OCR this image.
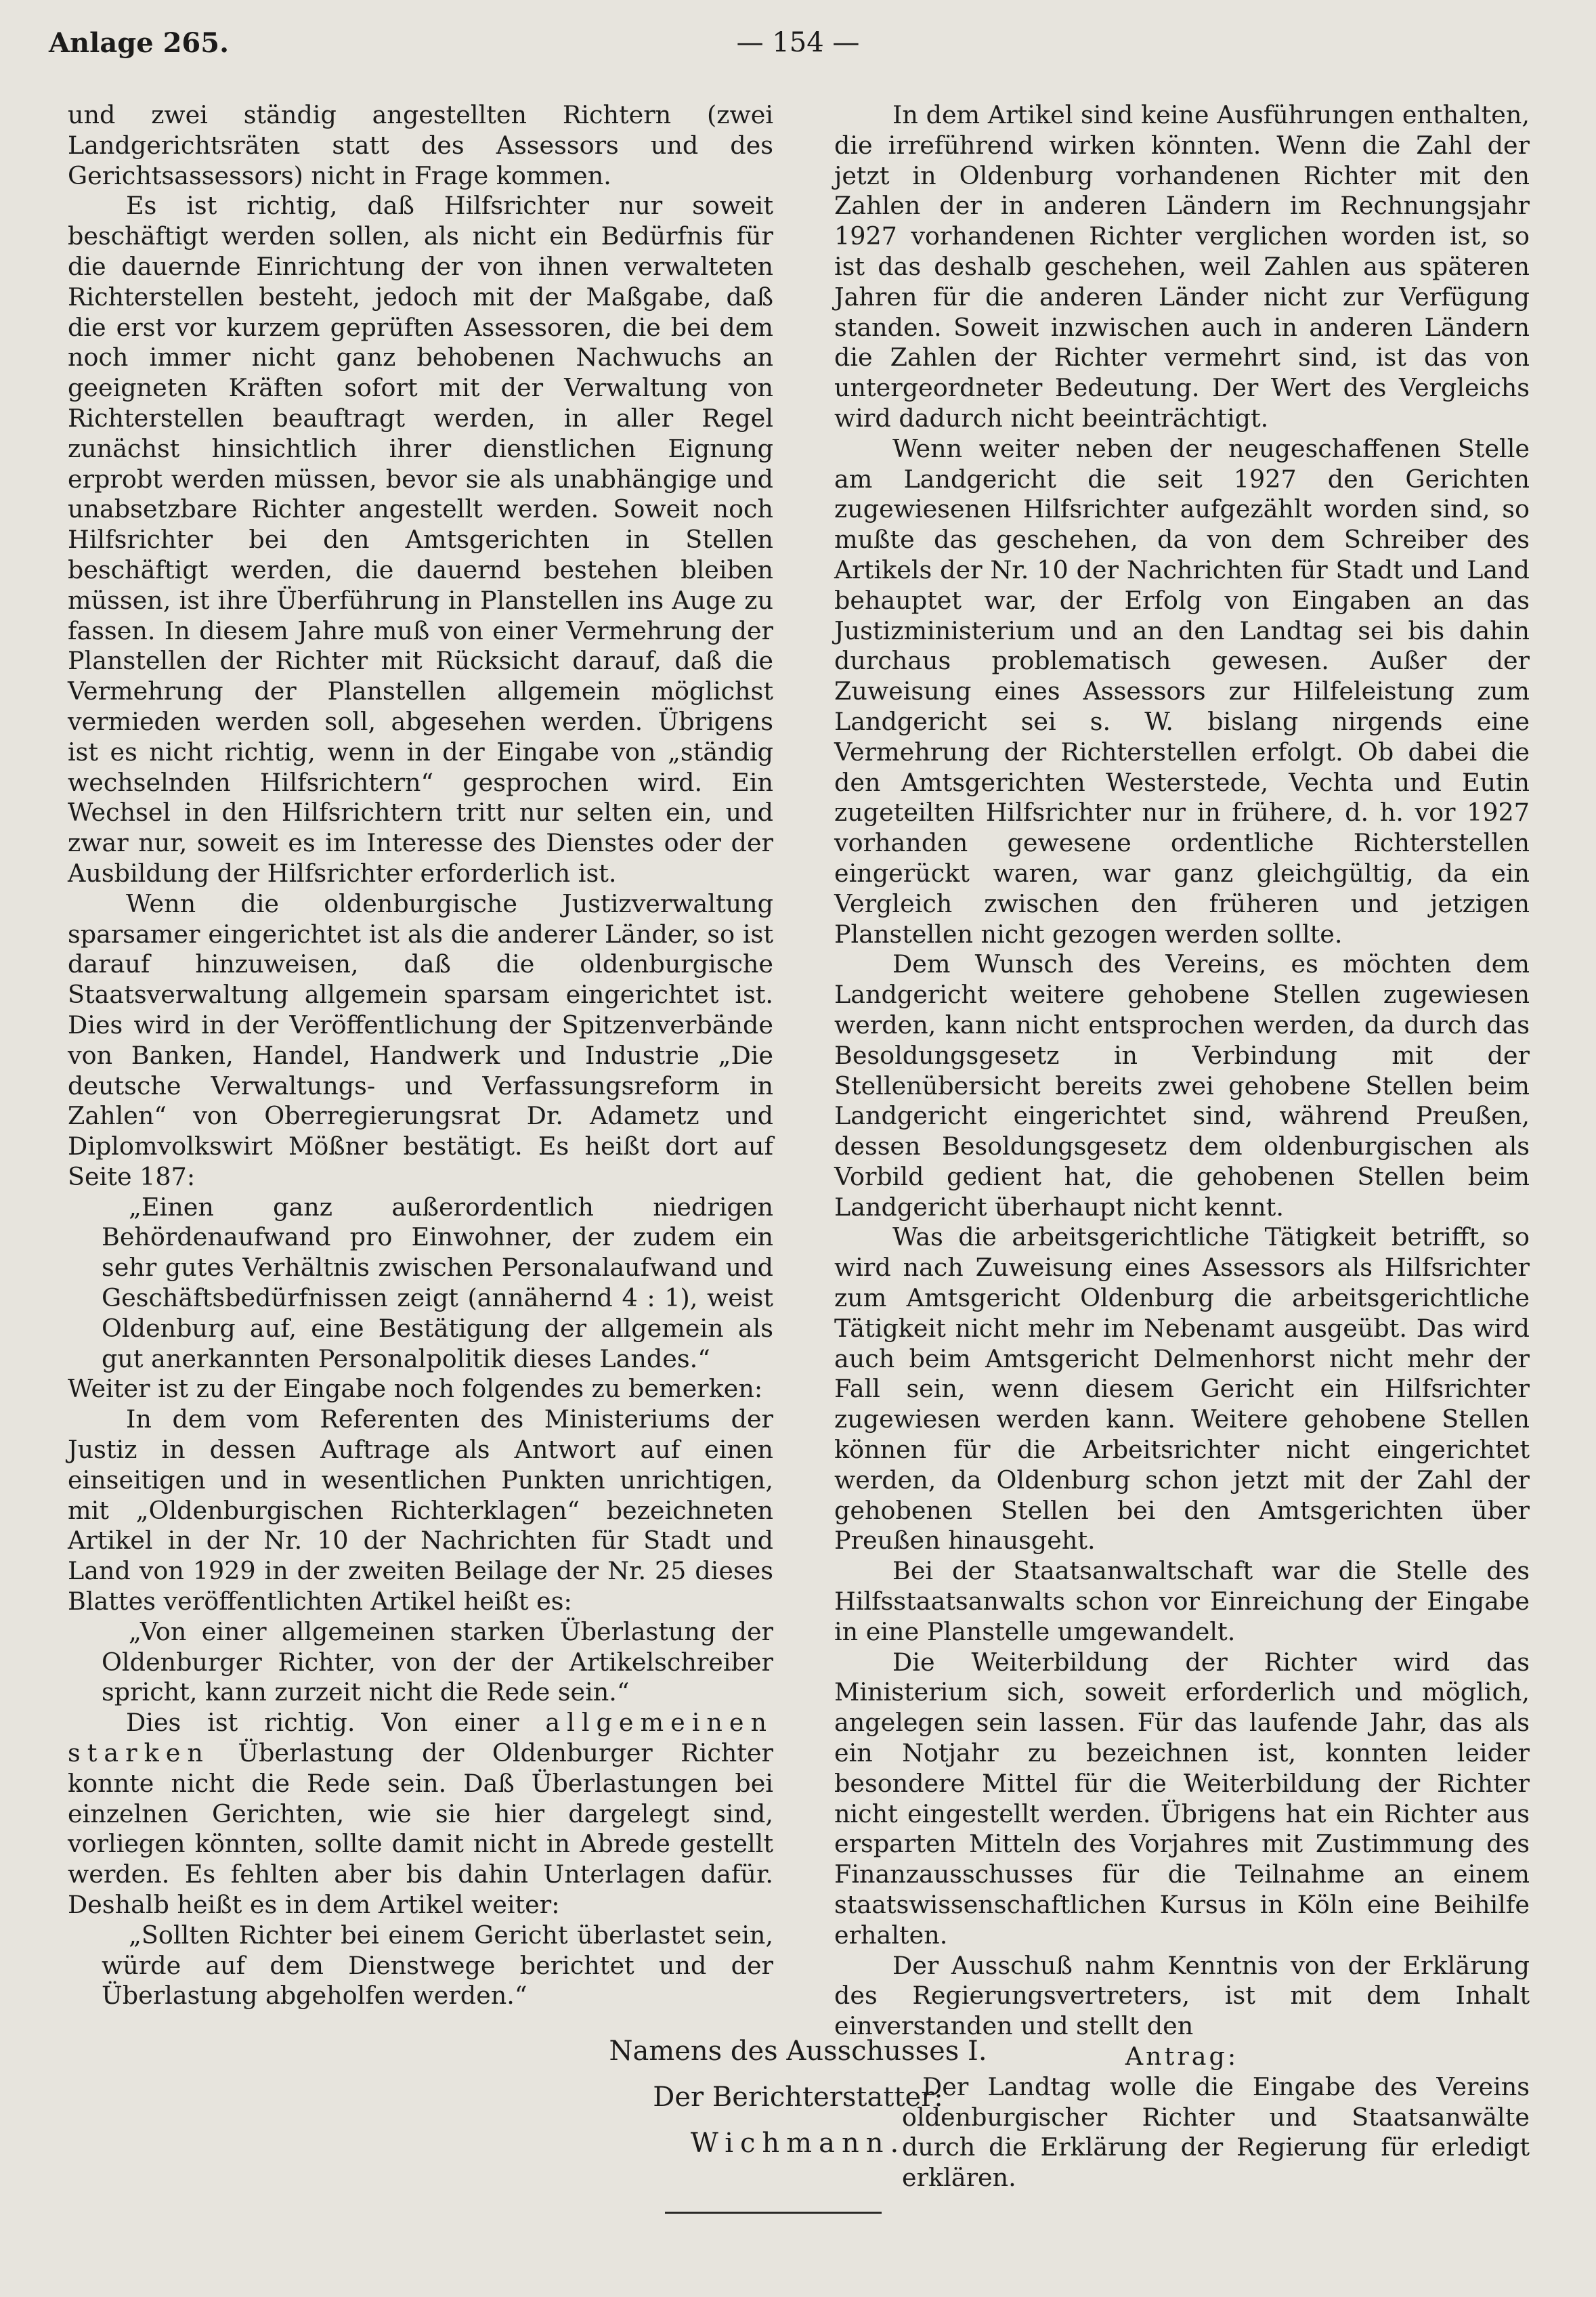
Anlage 265.	— 154 —

und zwei ständig angestellten Richtern (zwei Landgerichtsräten statt des Assessors und des Gerichtsassessors) nicht in Frage kommen.

Es ist richtig, daß Hilfsrichter nur soweit beschäftigt werden sollen, als nicht ein Bedürfnis für die dauernde Einrichtung der von ihnen verwalteten Richterstellen besteht, jedoch mit der Maßgabe, daß die erst vor kurzem geprüften Assessoren, die bei dem noch immer nicht ganz behobenen Nachwuchs an geeigneten Kräften sofort mit der Verwaltung von Richterstellen beauftragt werden, in aller Regel zunächst hinsichtlich ihrer dienstlichen Eignung erprobt werden müssen, bevor sie als unabhängige und unabsetzbare Richter angestellt werden. Soweit noch Hilfsrichter bei den Amtsgerichten in Stellen beschäftigt werden, die dauernd bestehen bleiben müssen, ist ihre Überführung in Planstellen ins Auge zu fassen. In diesem Jahre muß von einer Vermehrung der Planstellen der Richter mit Rücksicht darauf, daß die Vermehrung der Planstellen allgemein möglichst vermieden werden soll, abgesehen werden. Übrigens ist es nicht richtig, wenn in der Eingabe von „ständig wechselnden Hilfsrichtern“ gesprochen wird. Ein Wechsel in den Hilfsrichtern tritt nur selten ein, und zwar nur, soweit es im Interesse des Dienstes oder der Ausbildung der Hilfsrichter erforderlich ist.

Wenn die oldenburgische Justizverwaltung sparsamer eingerichtet ist als die anderer Länder, so ist darauf hinzuweisen, daß die oldenburgische Staatsverwaltung allgemein sparsam eingerichtet ist. Dies wird in der Veröffentlichung der Spitzenverbände von Banken, Handel, Handwerk und Industrie „Die deutsche Verwaltungs- und Verfassungsreform in Zahlen“ von Oberregierungsrat Dr. Adametz und Diplomvolkswirt Mößner bestätigt. Es heißt dort auf Seite 187:

„Einen ganz außerordentlich niedrigen Behördenaufwand pro Einwohner, der zudem ein sehr gutes Verhältnis zwischen Personalaufwand und Geschäftsbedürfnissen zeigt (annähernd 4 : 1), weist Oldenburg auf, eine Bestätigung der allgemein als gut anerkannten Personalpolitik dieses Landes.“

Weiter ist zu der Eingabe noch folgendes zu bemerken:

In dem vom Referenten des Ministeriums der Justiz in dessen Auftrage als Antwort auf einen einseitigen und in wesentlichen Punkten unrichtigen, mit „Oldenburgischen Richterklagen“ bezeichneten Artikel in der Nr. 10 der Nachrichten für Stadt und Land von 1929 in der zweiten Beilage der Nr. 25 dieses Blattes veröffentlichten Artikel heißt es:

„Von einer allgemeinen starken Überlastung der Oldenburger Richter, von der der Artikelschreiber spricht, kann zurzeit nicht die Rede sein.“

Dies ist richtig. Von einer allgemeinen starken Überlastung der Oldenburger Richter konnte nicht die Rede sein. Daß Überlastungen bei einzelnen Gerichten, wie sie hier dargelegt sind, vorliegen könnten, sollte damit nicht in Abrede gestellt werden. Es fehlten aber bis dahin Unterlagen dafür. Deshalb heißt es in dem Artikel weiter:

„Sollten Richter bei einem Gericht überlastet sein, würde auf dem Dienstwege berichtet und der Überlastung abgeholfen werden.“

In dem Artikel sind keine Ausführungen enthalten, die irreführend wirken könnten. Wenn die Zahl der jetzt in Oldenburg vorhandenen Richter mit den Zahlen der in anderen Ländern im Rechnungsjahr 1927 vorhandenen Richter verglichen worden ist, so ist das deshalb geschehen, weil Zahlen aus späteren Jahren für die anderen Länder nicht zur Verfügung standen. Soweit inzwischen auch in anderen Ländern die Zahlen der Richter vermehrt sind, ist das von untergeordneter Bedeutung. Der Wert des Vergleichs wird dadurch nicht beeinträchtigt.

Wenn weiter neben der neugeschaffenen Stelle am Landgericht die seit 1927 den Gerichten zugewiesenen Hilfsrichter aufgezählt worden sind, so mußte das geschehen, da von dem Schreiber des Artikels der Nr. 10 der Nachrichten für Stadt und Land behauptet war, der Erfolg von Eingaben an das Justizministerium und an den Landtag sei bis dahin durchaus problematisch gewesen. Außer der Zuweisung eines Assessors zur Hilfeleistung zum Landgericht sei s. W. bislang nirgends eine Vermehrung der Richterstellen erfolgt. Ob dabei die den Amtsgerichten Westerstede, Vechta und Eutin zugeteilten Hilfsrichter nur in frühere, d. h. vor 1927 vorhanden gewesene ordentliche Richterstellen eingerückt waren, war ganz gleichgültig, da ein Vergleich zwischen den früheren und jetzigen Planstellen nicht gezogen werden sollte.

Dem Wunsch des Vereins, es möchten dem Landgericht weitere gehobene Stellen zugewiesen werden, kann nicht entsprochen werden, da durch das Besoldungsgesetz in Verbindung mit der Stellenübersicht bereits zwei gehobene Stellen beim Landgericht eingerichtet sind, während Preußen, dessen Besoldungsgesetz dem oldenburgischen als Vorbild gedient hat, die gehobenen Stellen beim Landgericht überhaupt nicht kennt.

Was die arbeitsgerichtliche Tätigkeit betrifft, so wird nach Zuweisung eines Assessors als Hilfsrichter zum Amtsgericht Oldenburg die arbeitsgerichtliche Tätigkeit nicht mehr im Nebenamt ausgeübt. Das wird auch beim Amtsgericht Delmenhorst nicht mehr der Fall sein, wenn diesem Gericht ein Hilfsrichter zugewiesen werden kann. Weitere gehobene Stellen können für die Arbeitsrichter nicht eingerichtet werden, da Oldenburg schon jetzt mit der Zahl der gehobenen Stellen bei den Amtsgerichten über Preußen hinausgeht.

Bei der Staatsanwaltschaft war die Stelle des Hilfsstaatsanwalts schon vor Einreichung der Eingabe in eine Planstelle umgewandelt.

Die Weiterbildung der Richter wird das Ministerium sich, soweit erforderlich und möglich, angelegen sein lassen. Für das laufende Jahr, das als ein Notjahr zu bezeichnen ist, konnten leider besondere Mittel für die Weiterbildung der Richter nicht eingestellt werden. Übrigens hat ein Richter aus ersparten Mitteln des Vorjahres mit Zustimmung des Finanzausschusses für die Teilnahme an einem staatswissenschaftlichen Kursus in Köln eine Beihilfe erhalten.

Der Ausschuß nahm Kenntnis von der Erklärung des Regierungsvertreters, ist mit dem Inhalt einverstanden und stellt den

Antrag:

Der Landtag wolle die Eingabe des Vereins oldenburgischer Richter und Staatsanwälte durch die Erklärung der Regierung für erledigt erklären.

Namens des Ausschusses I.
Der Berichterstatter:
Wichmann.
